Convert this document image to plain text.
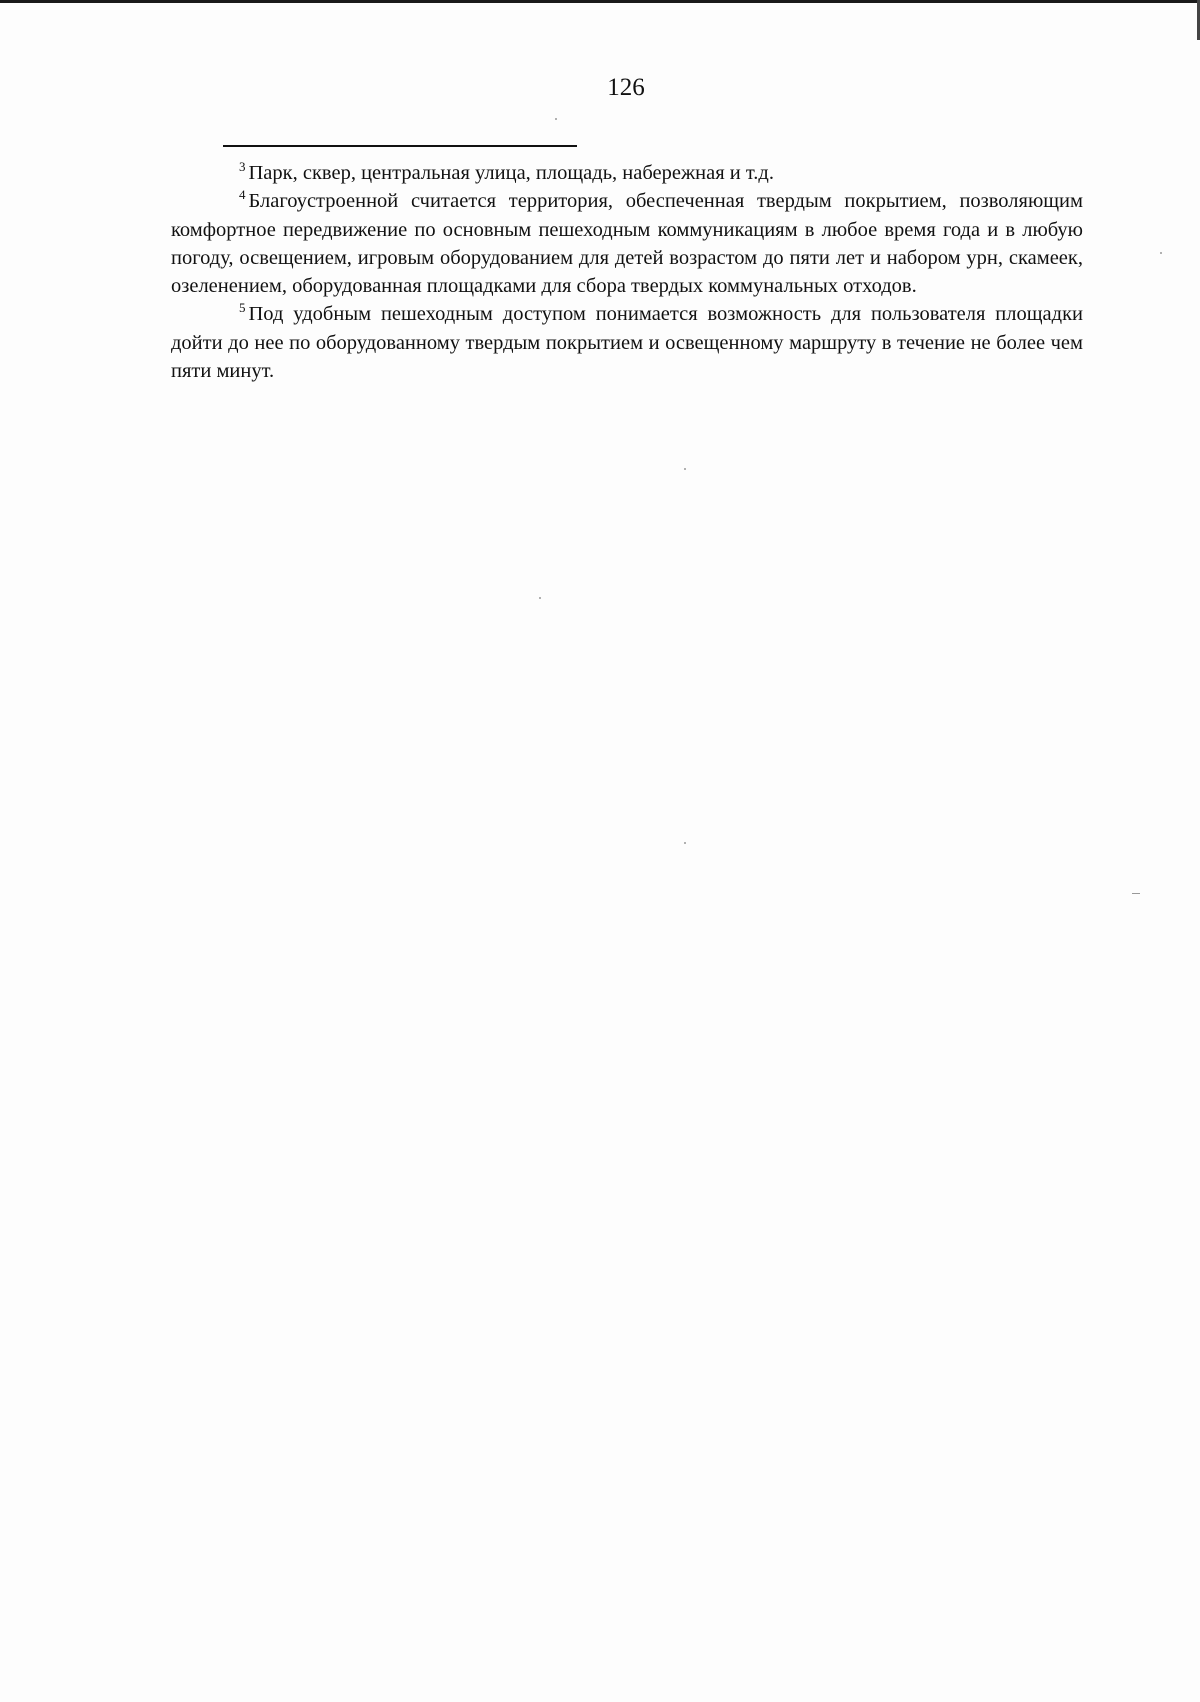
126

$^3$ Парк, сквер, центральная улица, площадь, набережная и т.д.

$^4$ Благоустроенной считается территория, обеспеченная твердым покрытием, позволяющим комфортное передвижение по основным пешеходным коммуникациям в любое время года и в любую погоду, освещением, игровым оборудованием для детей возрастом до пяти лет и набором урн, скамеек, озеленением, оборудованная площадками для сбора твердых коммунальных отходов.

$^5$ Под удобным пешеходным доступом понимается возможность для пользователя площадки дойти до нее по оборудованному твердым покрытием и освещенному маршруту в течение не более чем пяти минут.
